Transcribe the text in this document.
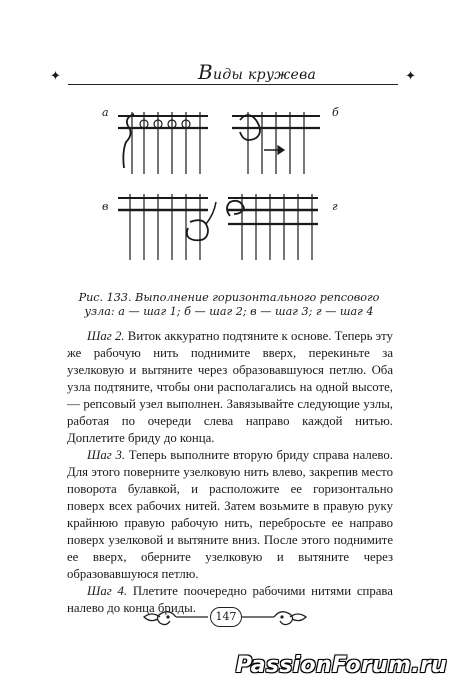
✦	Виды кружева	✦
а	б
в	г
Рис. 133. Выполнение горизонтального репсового
узла: а — шаг 1; б — шаг 2; в — шаг 3; г — шаг 4

Шаг 2. Виток аккуратно подтяните к основе. Теперь эту же рабочую нить поднимите вверх, перекиньте за узелковую и вытяните через образовавшуюся петлю. Оба узла подтяните, чтобы они располагались на одной высоте, — репсовый узел выполнен. Завязывайте следующие узлы, работая по очереди слева направо каждой нитью. Доплетите бриду до конца.

Шаг 3. Теперь выполните вторую бриду справа налево. Для этого поверните узелковую нить влево, закрепив место поворота булавкой, и расположите ее горизонтально поверх всех рабочих нитей. Затем возьмите в правую руку крайнюю правую рабочую нить, перебросьте ее направо поверх узелковой и вытяните вниз. После этого поднимите ее вверх, оберните узелковую и вытяните через образовавшуюся петлю.

Шаг 4. Плетите поочередно рабочими нитями справа налево до конца бриды.

147
PassionForum.ru
